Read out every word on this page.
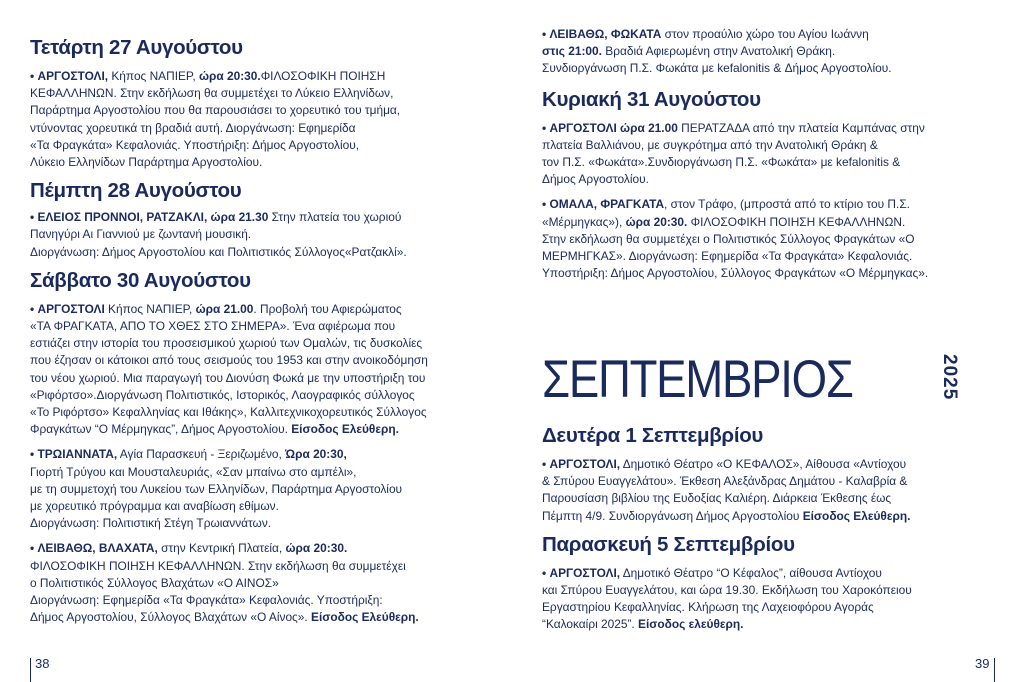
Τετάρτη 27 Αυγούστου

• ΑΡΓΟΣΤΟΛΙ, Κήπος ΝΑΠΙΕΡ, ώρα 20:30.ΦΙΛΟΣΟΦΙΚΗ ΠΟΙΗΣΗ
ΚΕΦΑΛΛΗΝΩΝ. Στην εκδήλωση θα συμμετέχει το Λύκειο Ελληνίδων,
Παράρτημα Αργοστολίου που θα παρουσιάσει το χορευτικό του τμήμα,
ντύνοντας χορευτικά τη βραδιά αυτή. Διοργάνωση: Εφημερίδα
«Τα Φραγκάτα» Κεφαλονιάς. Υποστήριξη: Δήμος Αργοστολίου,
Λύκειο Ελληνίδων Παράρτημα Αργοστολίου.

Πέμπτη 28 Αυγούστου

• ΕΛΕΙΟΣ ΠΡΟΝΝΟΙ, ΡΑΤΖΑΚΛΙ, ώρα 21.30 Στην πλατεία του χωριού
Πανηγύρι Αι Γιαννιού με ζωντανή μουσική.
Διοργάνωση: Δήμος Αργοστολίου και Πολιτιστικός Σύλλογος«Ρατζακλί».

Σάββατο 30 Αυγούστου

• ΑΡΓΟΣΤΟΛΙ Κήπος ΝΑΠΙΕΡ, ώρα 21.00. Προβολή του Αφιερώματος
«ΤΑ ΦΡΑΓΚΑΤΑ, ΑΠΟ ΤΟ ΧΘΕΣ ΣΤΟ ΣΗΜΕΡΑ». Ένα αφιέρωμα που
εστιάζει στην ιστορία του προσεισμικού χωριού των Ομαλών, τις δυσκολίες
που έζησαν οι κάτοικοι από τους σεισμούς του 1953 και στην ανοικοδόμηση
του νέου χωριού. Μια παραγωγή του Διονύση Φωκά με την υποστήριξη του
«Ριφόρτσο».Διοργάνωση Πολιτιστικός, Ιστορικός, Λαογραφικός σύλλογος
«Το Ριφόρτσο» Κεφαλληνίας και Ιθάκης», Καλλιτεχνικοχορευτικός Σύλλογος
Φραγκάτων “Ο Μέρμηγκας”, Δήμος Αργοστολίου. Είσοδος Ελεύθερη.

• ΤΡΩΙΑΝΝΑΤΑ, Αγία Παρασκευή - Ξεριζωμένο, Ώρα 20:30,
Γιορτή Τρύγου και Μουσταλευριάς, «Σαν μπαίνω στο αμπέλι»,
με τη συμμετοχή του Λυκείου των Ελληνίδων, Παράρτημα Αργοστολίου
με χορευτικό πρόγραμμα και αναβίωση εθίμων.
Διοργάνωση: Πολιτιστική Στέγη Τρωιαννάτων.

• ΛΕΙΒΑΘΩ, ΒΛΑΧΑΤΑ, στην Κεντρική Πλατεία, ώρα 20:30.
ΦΙΛΟΣΟΦΙΚΗ ΠΟΙΗΣΗ ΚΕΦΑΛΛΗΝΩΝ. Στην εκδήλωση θα συμμετέχει
ο Πολιτιστικός Σύλλογος Βλαχάτων «Ο ΑΙΝΟΣ»
Διοργάνωση: Εφημερίδα «Τα Φραγκάτα» Κεφαλονιάς. Υποστήριξη:
Δήμος Αργοστολίου, Σύλλογος Βλαχάτων «Ο Αίνος». Είσοδος Ελεύθερη.

• ΛΕΙΒΑΘΩ, ΦΩΚΑΤΑ στον προαύλιο χώρο του Αγίου Ιωάννη
στις 21:00. Βραδιά Αφιερωμένη στην Ανατολική Θράκη.
Συνδιοργάνωση Π.Σ. Φωκάτα με kefalonitis & Δήμος Αργοστολίου.

Κυριακή 31 Αυγούστου

• ΑΡΓΟΣΤΟΛΙ ώρα 21.00 ΠΕΡΑΤΖΑΔΑ από την πλατεία Καμπάνας στην
πλατεία Βαλλιάνου, με συγκρότημα από την Ανατολική Θράκη &
τον Π.Σ. «Φωκάτα».Συνδιοργάνωση Π.Σ. «Φωκάτα» με kefalonitis &
Δήμος Αργοστολίου.

• ΟΜΑΛΑ, ΦΡΑΓΚΑΤΑ, στον Τράφο, (μπροστά από το κτίριο του Π.Σ.
«Μέρμηγκας»), ώρα 20:30. ΦΙΛΟΣΟΦΙΚΗ ΠΟΙΗΣΗ ΚΕΦΑΛΛΗΝΩΝ.
Στην εκδήλωση θα συμμετέχει ο Πολιτιστικός Σύλλογος Φραγκάτων «Ο
ΜΕΡΜΗΓΚΑΣ». Διοργάνωση: Εφημερίδα «Τα Φραγκάτα» Κεφαλονιάς.
Υποστήριξη: Δήμος Αργοστολίου, Σύλλογος Φραγκάτων «Ο Μέρμηγκας».

ΣΕΠΤΕΜΒΡΙΟΣ	2025
Δευτέρα 1 Σεπτεμβρίου

• ΑΡΓΟΣΤΟΛΙ, Δημοτικό Θέατρο «Ο ΚΕΦΑΛΟΣ», Αίθουσα «Αντίοχου
& Σπύρου Ευαγγελάτου». Έκθεση Αλεξάνδρας Δηµάτου - Καλαβρία &
Παρουσίαση βιβλίου της Ευδοξίας Καλιέρη. Διάρκεια Έκθεσης έως
Πέμπτη 4/9. Συνδιοργάνωση Δήμος Αργοστολίου Είσοδος Ελεύθερη.

Παρασκευή 5 Σεπτεμβρίου

• ΑΡΓΟΣΤΟΛΙ, Δημοτικό Θέατρο “Ο Κέφαλος”, αίθουσα Αντίοχου
και Σπύρου Ευαγγελάτου, και ώρα 19.30. Εκδήλωση του Χαροκόπειου
Εργαστηρίου Κεφαλληνίας. Κλήρωση της Λαχειοφόρου Αγοράς
“Καλοκαίρι 2025”. Είσοδος ελεύθερη.

38	39
